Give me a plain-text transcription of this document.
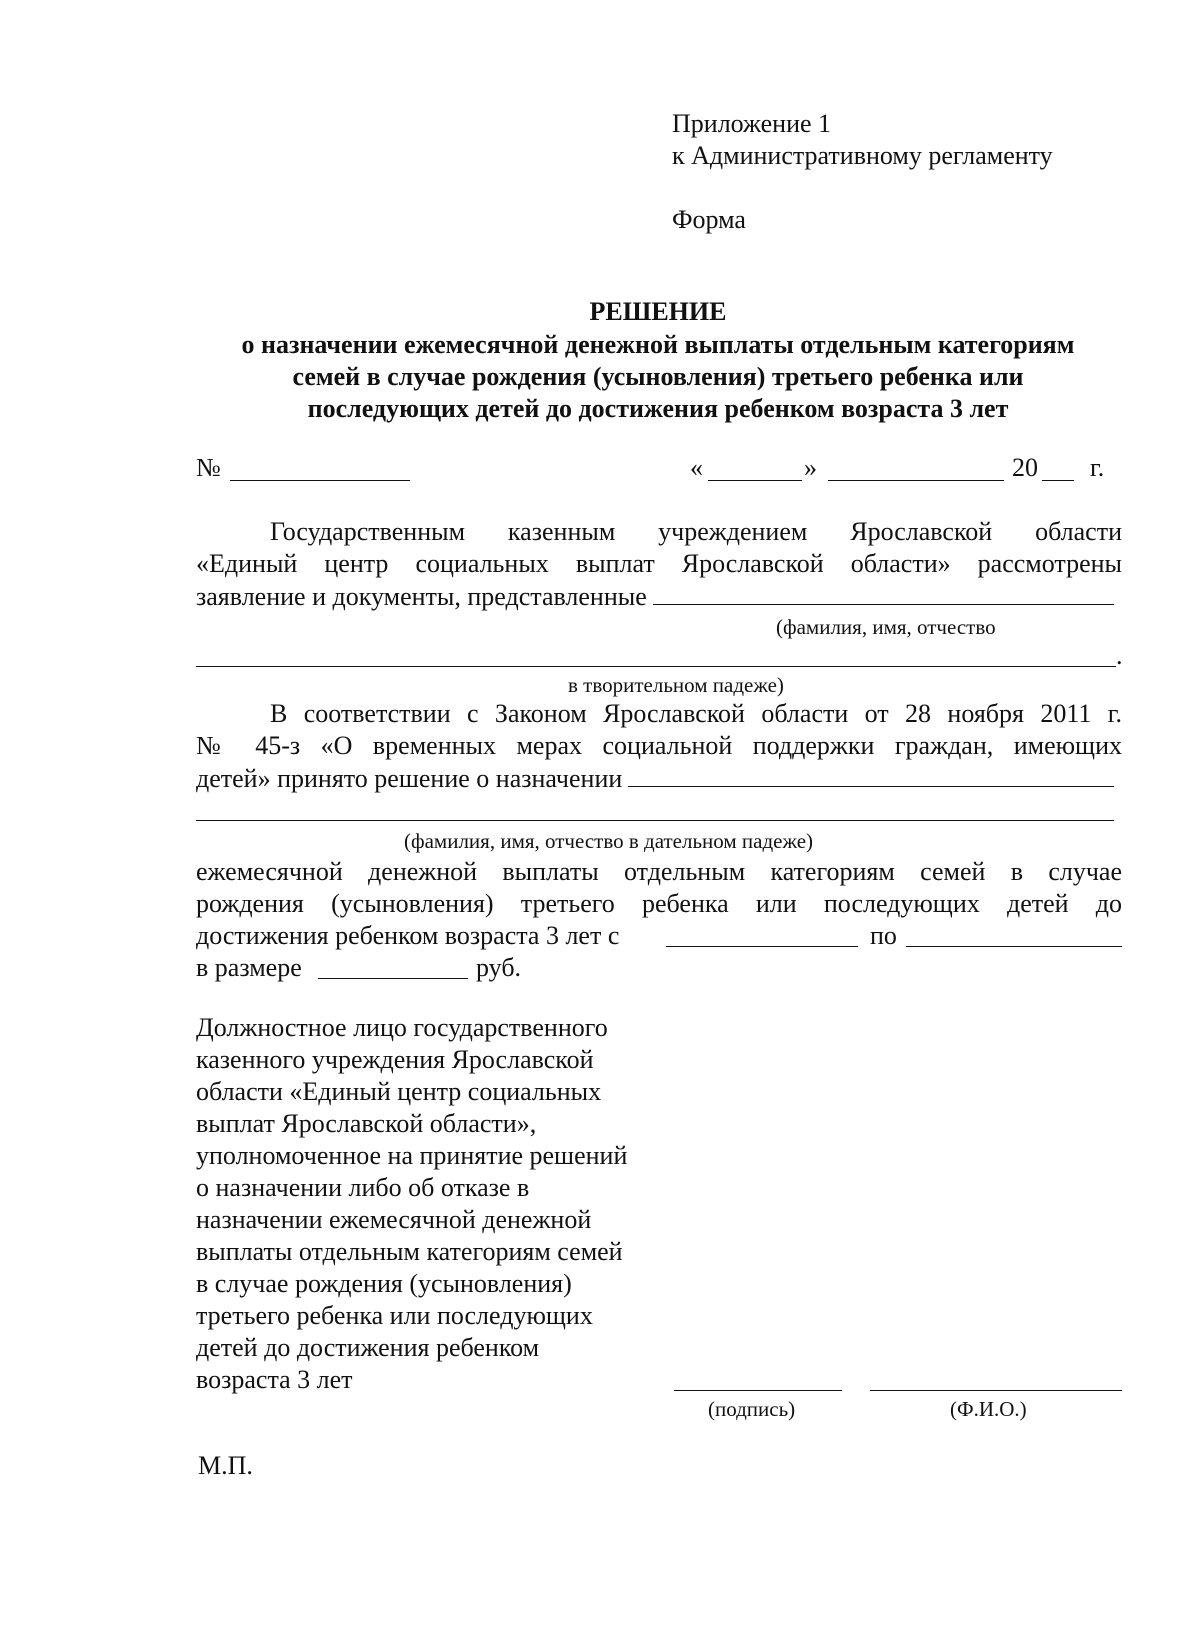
Приложение 1
к Административному регламенту
Форма
РЕШЕНИЕ
о назначении ежемесячной денежной выплаты отдельным категориям
семей в случае рождения (усыновления) третьего ребенка или
последующих детей до достижения ребенком возраста 3 лет
№	«	»	20 г.
Государственным казенным учреждением Ярославской области
«Единый центр социальных выплат Ярославской области» рассмотрены
заявление и документы, представленные
(фамилия, имя, отчество
.
в творительном падеже)
В соответствии с Законом Ярославской области от 28 ноября 2011 г.
№ 45-з «О временных мерах социальной поддержки граждан, имеющих
детей» принято решение о назначении
(фамилия, имя, отчество в дательном падеже)
ежемесячной денежной выплаты отдельным категориям семей в случае
рождения (усыновления) третьего ребенка или последующих детей до
достижения ребенком возраста 3 лет с	по
в размере	руб.
Должностное лицо государственного
казенного учреждения Ярославской
области «Единый центр социальных
выплат Ярославской области»,
уполномоченное на принятие решений
о назначении либо об отказе в
назначении ежемесячной денежной
выплаты отдельным категориям семей
в случае рождения (усыновления)
третьего ребенка или последующих
детей до достижения ребенком
возраста 3 лет
(подпись)	(Ф.И.О.)
М.П.
